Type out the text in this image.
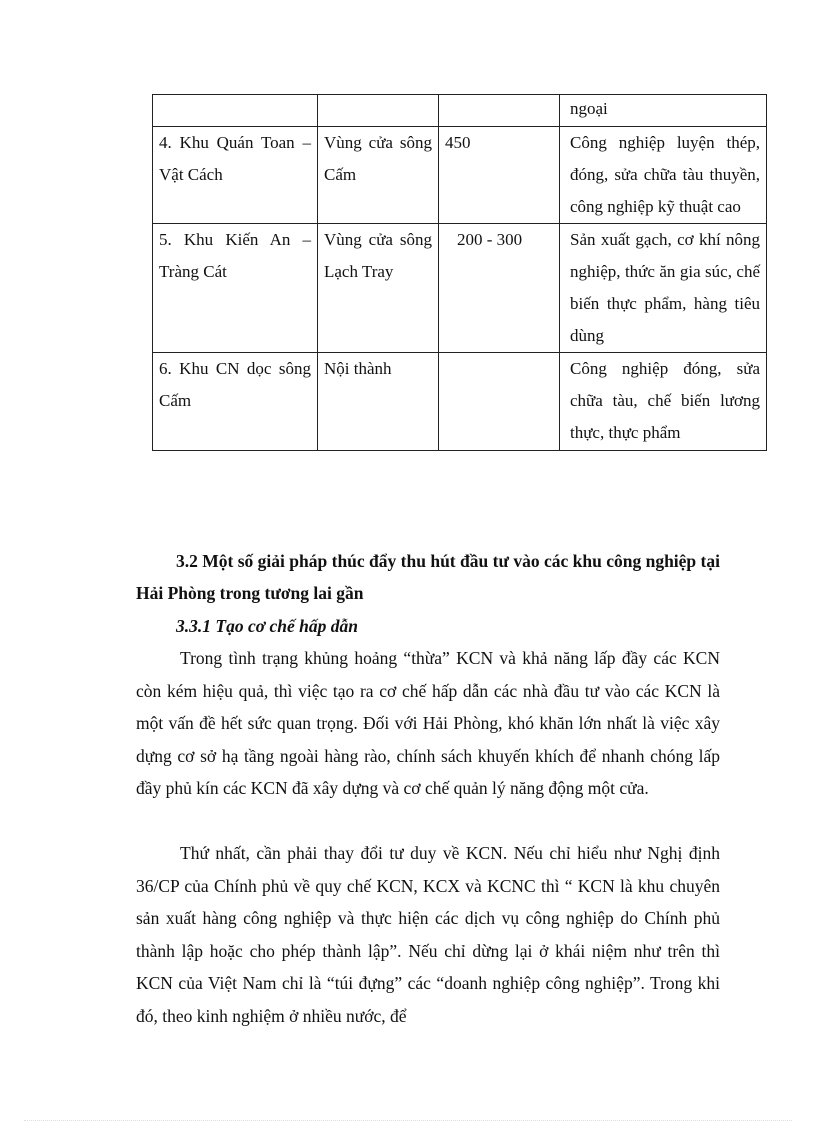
			ngoại
4. Khu Quán Toan – Vật Cách	Vùng cửa sông Cấm	450	Công nghiệp luyện thép, đóng, sửa chữa tàu thuyền, công nghiệp kỹ thuật cao
5. Khu Kiến An – Tràng Cát	Vùng cửa sông Lạch Tray	200 - 300	Sản xuất gạch, cơ khí nông nghiệp, thức ăn gia súc, chế biến thực phẩm, hàng tiêu dùng
6. Khu CN dọc sông Cấm	Nội thành		Công nghiệp đóng, sửa chữa tàu, chế biến lương thực, thực phẩm
3.2 Một số giải pháp thúc đẩy thu hút đầu tư vào các khu công nghiệp tại Hải Phòng trong tương lai gần
3.3.1 Tạo cơ chế hấp dẫn

Trong tình trạng khủng hoảng “thừa” KCN và khả năng lấp đầy các KCN còn kém hiệu quả, thì việc tạo ra cơ chế hấp dẫn các nhà đầu tư vào các KCN là một vấn đề hết sức quan trọng. Đối với Hải Phòng, khó khăn lớn nhất là việc xây dựng cơ sở hạ tầng ngoài hàng rào, chính sách khuyến khích để nhanh chóng lấp đầy phủ kín các KCN đã xây dựng và cơ chế quản lý năng động một cửa.

Thứ nhất, cần phải thay đổi tư duy về KCN. Nếu chỉ hiểu như Nghị định 36/CP của Chính phủ về quy chế KCN, KCX và KCNC thì “ KCN là khu chuyên sản xuất hàng công nghiệp và thực hiện các dịch vụ công nghiệp do Chính phủ thành lập hoặc cho phép thành lập”. Nếu chỉ dừng lại ở khái niệm như trên thì KCN của Việt Nam chỉ là “túi đựng” các “doanh nghiệp công nghiệp”. Trong khi đó, theo kinh nghiệm ở nhiều nước, để
